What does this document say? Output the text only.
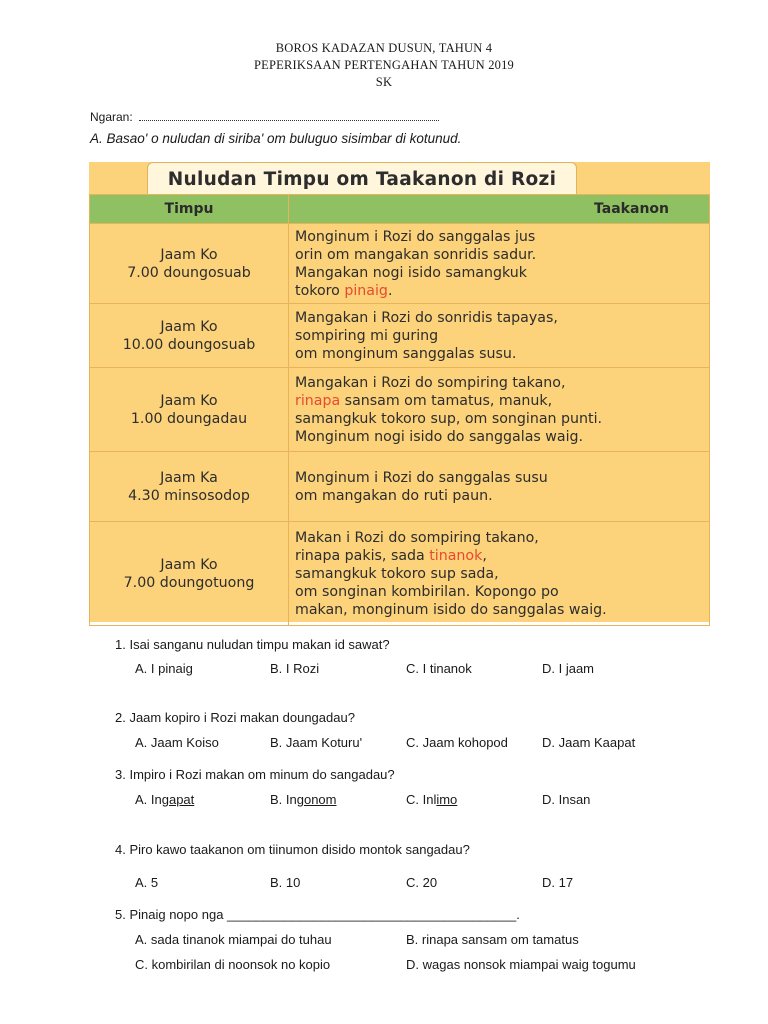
BOROS KADAZAN DUSUN, TAHUN 4
PEPERIKSAAN PERTENGAHAN TAHUN 2019
SK
Ngaran:
A. Basao' o nuludan di siriba' om buluguo sisimbar di kotunud.
Nuludan Timpu om Taakanon di Rozi
Timpu	Taakanon

Jaam Ko
7.00 doungosuab	Monginum i Rozi do sanggalas jus
orin om mangakan sonridis sadur.
Mangakan nogi isido samangkuk
tokoro pinaig.

Jaam Ko
10.00 doungosuab	Mangakan i Rozi do sonridis tapayas,
sompiring mi guring
om monginum sanggalas susu.

Jaam Ko
1.00 doungadau	Mangakan i Rozi do sompiring takano,
rinapa sansam om tamatus, manuk,
samangkuk tokoro sup, om songinan punti.
Monginum nogi isido do sanggalas waig.

Jaam Ka
4.30 minsosodop	Monginum i Rozi do sanggalas susu
om mangakan do ruti paun.

Jaam Ko
7.00 doungotuong	Makan i Rozi do sompiring takano,
rinapa pakis, sada tinanok,
samangkuk tokoro sup sada,
om songinan kombirilan. Kopongo po
makan, monginum isido do sanggalas waig.
1. Isai sanganu nuludan timpu makan id sawat?
A. I pinaig	B. I Rozi	C. I tinanok	D. I jaam
2. Jaam kopiro i Rozi makan doungadau?
A. Jaam Koiso	B. Jaam Koturu'	C. Jaam kohopod	D. Jaam Kaapat
3. Impiro i Rozi makan om minum do sangadau?
A. Ingapat	B. Ingonom	C. Inlimo	D. Insan
4. Piro kawo taakanon om tiinumon disido montok sangadau?
A. 5	B. 10	C. 20	D. 17
5. Pinaig nopo nga ________________________________________.
A. sada tinanok miampai do tuhau	B. rinapa sansam om tamatus
C. kombirilan di noonsok no kopio	D. wagas nonsok miampai waig togumu
